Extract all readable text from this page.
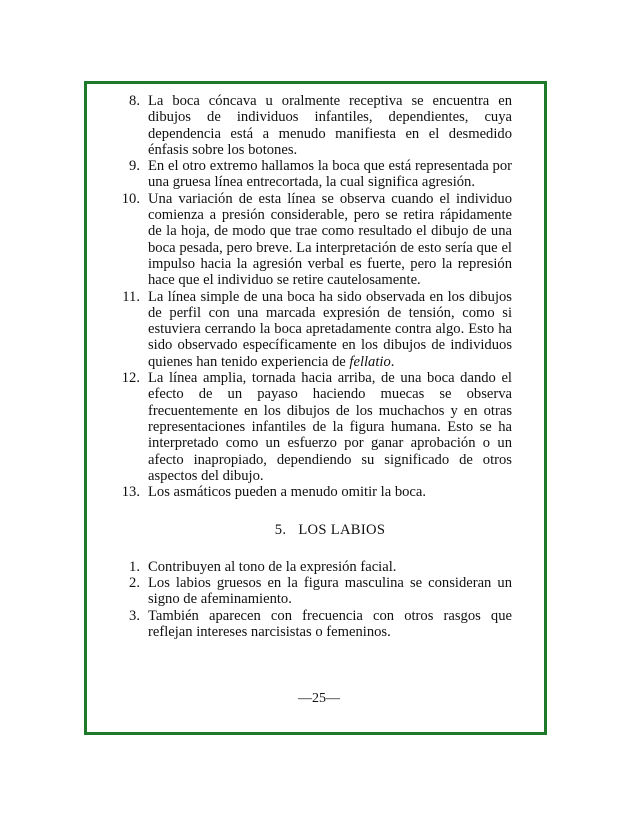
8. La boca cóncava u oralmente receptiva se encuentra en dibujos de individuos infantiles, dependientes, cuya dependencia está a menudo manifiesta en el desmedido énfasis sobre los botones.
9. En el otro extremo hallamos la boca que está representada por una gruesa línea entrecortada, la cual significa agresión.
10. Una variación de esta línea se observa cuando el individuo comienza a presión considerable, pero se retira rápidamente de la hoja, de modo que trae como resultado el dibujo de una boca pesada, pero breve. La interpretación de esto sería que el impulso hacia la agresión verbal es fuerte, pero la represión hace que el individuo se retire cautelosamente.
11. La línea simple de una boca ha sido observada en los dibujos de perfil con una marcada expresión de tensión, como si estuviera cerrando la boca apretadamente contra algo. Esto ha sido observado específicamente en los dibujos de individuos quienes han tenido experiencia de fellatio.
12. La línea amplia, tornada hacia arriba, de una boca dando el efecto de un payaso haciendo muecas se observa frecuentemente en los dibujos de los muchachos y en otras representaciones infantiles de la figura humana. Esto se ha interpretado como un esfuerzo por ganar aprobación o un afecto inapropiado, dependiendo su significado de otros aspectos del dibujo.
13. Los asmáticos pueden a menudo omitir la boca.
5. LOS LABIOS
1. Contribuyen al tono de la expresión facial.
2. Los labios gruesos en la figura masculina se consideran un signo de afeminamiento.
3. También aparecen con frecuencia con otros rasgos que reflejan intereses narcisistas o femeninos.
—25—
